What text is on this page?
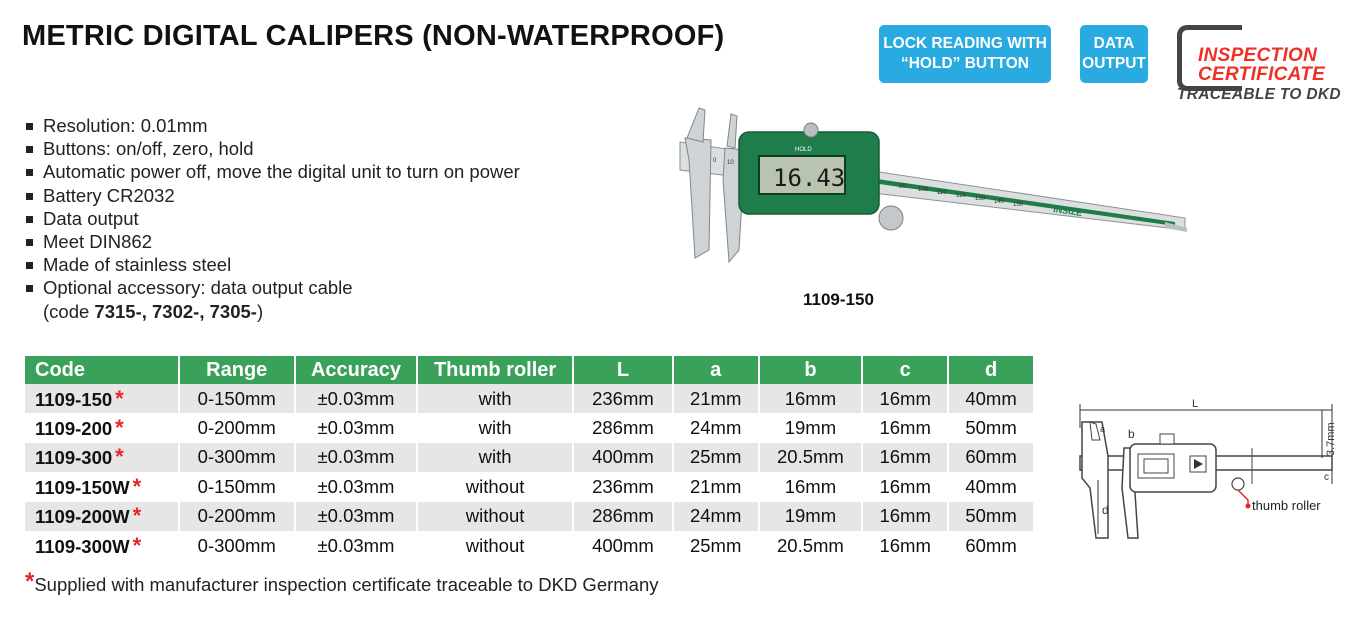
METRIC DIGITAL CALIPERS (NON-WATERPROOF)	LOCK READING WITH
“HOLD” BUTTON
DATA
OUTPUT	INSPECTION
CERTIFICATE
TRACEABLE TO DKD
Resolution: 0.01mm
Buttons: on/off, zero, hold
Automatic power off, move the digital unit to turn on power
Battery CR2032
Data output
Meet DIN862
Made of stainless steel
Optional accessory: data output cable
(code 7315-, 7302-, 7305-)
0 10
90 100 110 120 130 140 150
16.43
HOLD
INSIZE
1109-150
Code	Range	Accuracy	Thumb roller	L	a	b	c	d
1109-150 *	0-150mm	±0.03mm	with	236mm	21mm	16mm	16mm	40mm
1109-200 *	0-200mm	±0.03mm	with	286mm	24mm	19mm	16mm	50mm
1109-300 *	0-300mm	±0.03mm	with	400mm	25mm	20.5mm	16mm	60mm
1109-150W *	0-150mm	±0.03mm	without	236mm	21mm	16mm	16mm	40mm
1109-200W *	0-200mm	±0.03mm	without	286mm	24mm	19mm	16mm	50mm
1109-300W *	0-300mm	±0.03mm	without	400mm	25mm	20.5mm	16mm	60mm
*Supplied with manufacturer inspection certificate traceable to DKD Germany
L
a b
thumb roller
d
3.7mm
c
